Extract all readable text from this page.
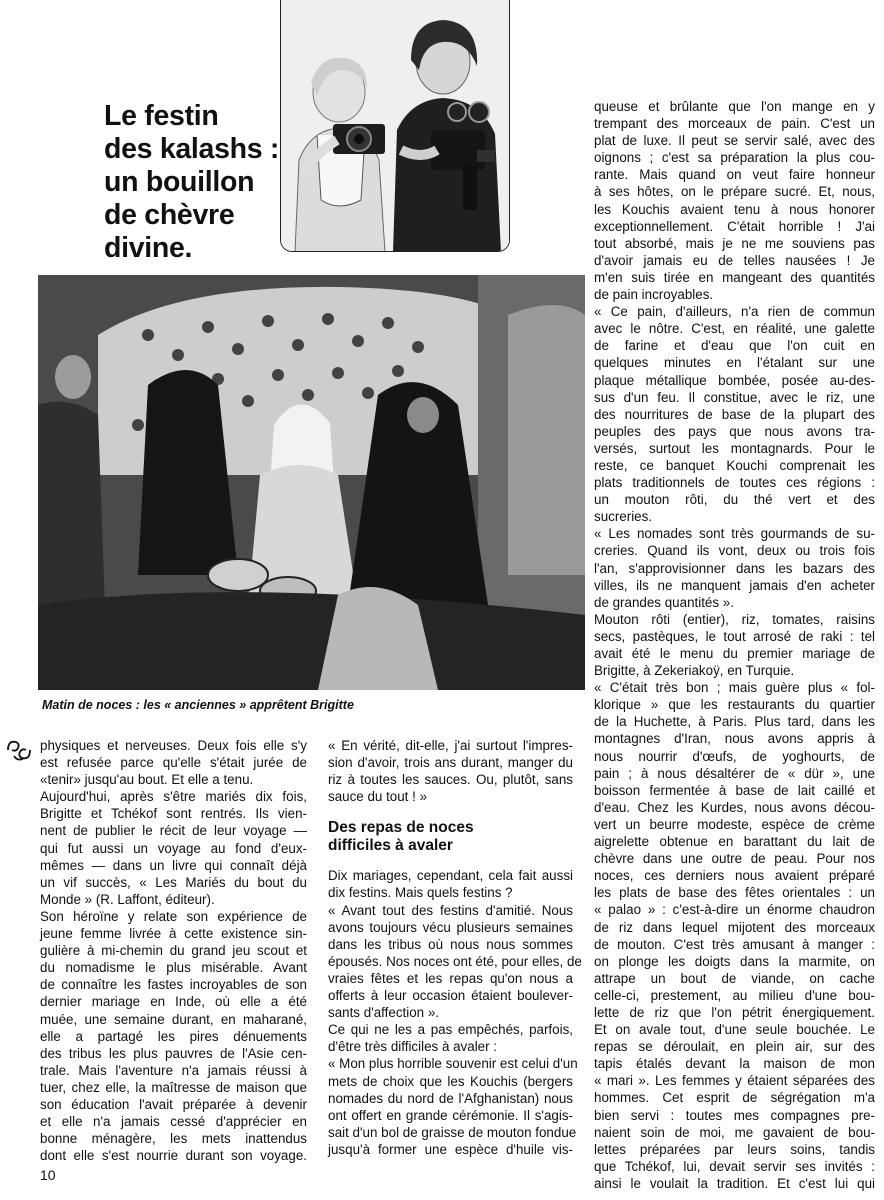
Le festin
des kalashs :
un bouillon
de chèvre
divine.
Matin de noces : les « anciennes » apprêtent Brigitte
physiques et nerveuses. Deux fois elle s'y
est refusée parce qu'elle s'était jurée de
«tenir» jusqu'au bout. Et elle a tenu.
Aujourd'hui, après s'être mariés dix fois,
Brigitte et Tchékof sont rentrés. Ils vien-
nent de publier le récit de leur voyage —
qui fut aussi un voyage au fond d'eux-
mêmes — dans un livre qui connaît déjà
un vif succès, « Les Mariés du bout du
Monde » (R. Laffont, éditeur).
Son héroïne y relate son expérience de
jeune femme livrée à cette existence sin-
gulière à mi-chemin du grand jeu scout et
du nomadisme le plus misérable. Avant
de connaître les fastes incroyables de son
dernier mariage en Inde, où elle a été
muée, une semaine durant, en maharané,
elle a partagé les pires dénuements
des tribus les plus pauvres de l'Asie cen-
trale. Mais l'aventure n'a jamais réussi à
tuer, chez elle, la maîtresse de maison que
son éducation l'avait préparée à devenir
et elle n'a jamais cessé d'apprécier en
bonne ménagère, les mets inattendus
dont elle s'est nourrie durant son voyage.
« En vérité, dit-elle, j'ai surtout l'impres-
sion d'avoir, trois ans durant, manger du
riz à toutes les sauces. Ou, plutôt, sans
sauce du tout ! »
Des repas de noces
difficiles à avaler
Dix mariages, cependant, cela fait aussi
dix festins. Mais quels festins ?
« Avant tout des festins d'amitié. Nous
avons toujours vécu plusieurs semaines
dans les tribus où nous nous sommes
épousés. Nos noces ont été, pour elles, de
vraies fêtes et les repas qu'on nous a
offerts à leur occasion étaient boulever-
sants d'affection ».
Ce qui ne les a pas empêchés, parfois,
d'être très difficiles à avaler :
« Mon plus horrible souvenir est celui d'un
mets de choix que les Kouchis (bergers
nomades du nord de l'Afghanistan) nous
ont offert en grande cérémonie. Il s'agis-
sait d'un bol de graisse de mouton fondue
jusqu'à former une espèce d'huile vis-
queuse et brûlante que l'on mange en y
trempant des morceaux de pain. C'est un
plat de luxe. Il peut se servir salé, avec des
oignons ; c'est sa préparation la plus cou-
rante. Mais quand on veut faire honneur
à ses hôtes, on le prépare sucré. Et, nous,
les Kouchis avaient tenu à nous honorer
exceptionnellement. C'était horrible ! J'ai
tout absorbé, mais je ne me souviens pas
d'avoir jamais eu de telles nausées ! Je
m'en suis tirée en mangeant des quantités
de pain incroyables.
« Ce pain, d'ailleurs, n'a rien de commun
avec le nôtre. C'est, en réalité, une galette
de farine et d'eau que l'on cuit en
quelques minutes en l'étalant sur une
plaque métallique bombée, posée au-des-
sus d'un feu. Il constitue, avec le riz, une
des nourritures de base de la plupart des
peuples des pays que nous avons tra-
versés, surtout les montagnards. Pour le
reste, ce banquet Kouchi comprenait les
plats traditionnels de toutes ces régions :
un mouton rôti, du thé vert et des
sucreries.
« Les nomades sont très gourmands de su-
creries. Quand ils vont, deux ou trois fois
l'an, s'approvisionner dans les bazars des
villes, ils ne manquent jamais d'en acheter
de grandes quantités ».
Mouton rôti (entier), riz, tomates, raisins
secs, pastèques, le tout arrosé de raki : tel
avait été le menu du premier mariage de
Brigitte, à Zekeriakoÿ, en Turquie.
« C'était très bon ; mais guère plus « fol-
klorique » que les restaurants du quartier
de la Huchette, à Paris. Plus tard, dans les
montagnes d'Iran, nous avons appris à
nous nourrir d'œufs, de yoghourts, de
pain ; à nous désaltérer de « dür », une
boisson fermentée à base de lait caillé et
d'eau. Chez les Kurdes, nous avons décou-
vert un beurre modeste, espèce de crème
aigrelette obtenue en barattant du lait de
chèvre dans une outre de peau. Pour nos
noces, ces derniers nous avaient préparé
les plats de base des fêtes orientales : un
« palao » : c'est-à-dire un énorme chaudron
de riz dans lequel mijotent des morceaux
de mouton. C'est très amusant à manger :
on plonge les doigts dans la marmite, on
attrape un bout de viande, on cache
celle-ci, prestement, au milieu d'une bou-
lette de riz que l'on pétrit énergiquement.
Et on avale tout, d'une seule bouchée. Le
repas se déroulait, en plein air, sur des
tapis étalés devant la maison de mon
« mari ». Les femmes y étaient séparées des
hommes. Cet esprit de ségrégation m'a
bien servi : toutes mes compagnes pre-
naient soin de moi, me gavaient de bou-
lettes préparées par leurs soins, tandis
que Tchékof, lui, devait servir ses invités :
ainsi le voulait la tradition. Et c'est lui qui
10
